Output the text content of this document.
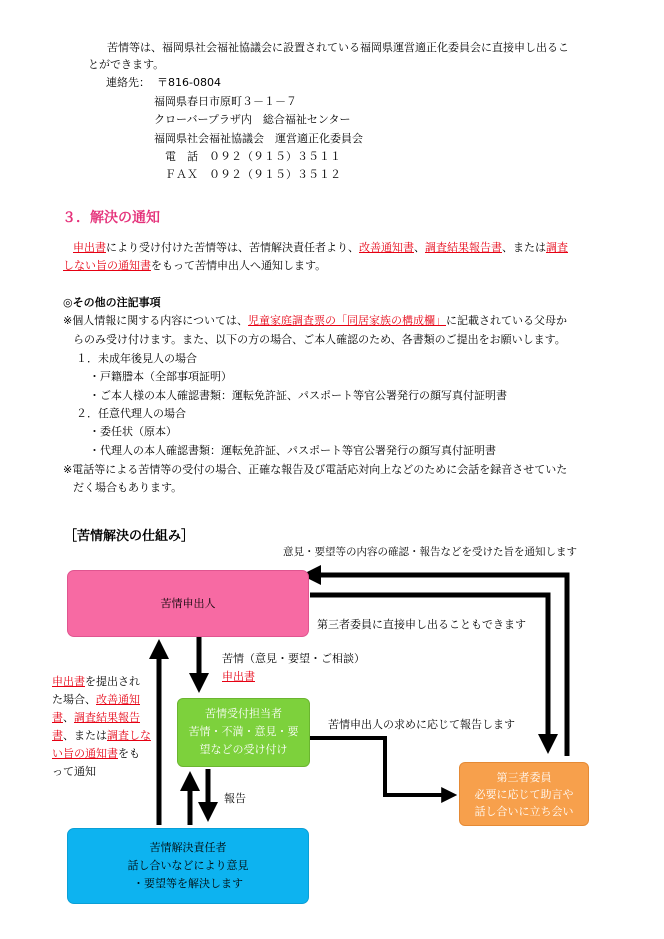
苦情等は、福岡県社会福祉協議会に設置されている福岡県運営適正化委員会に直接申し出るこ
とができます。
連絡先： 〒816-0804
福岡県春日市原町３－１－７
クローバープラザ内　総合福祉センター
福岡県社会福祉協議会　運営適正化委員会
電　話　０９２（９１５）３５１１
ＦＡＸ　０９２（９１５）３５１２
３．解決の通知
申出書により受け付けた苦情等は、苦情解決責任者より、改善通知書、調査結果報告書、または調査
しない旨の通知書をもって苦情申出人へ通知します。
◎その他の注記事項
※個人情報に関する内容については、児童家庭調査票の「同居家族の構成欄」に記載されている父母か
らのみ受け付けます。また、以下の方の場合、ご本人確認のため、各書類のご提出をお願いします。
１．未成年後見人の場合
・戸籍謄本（全部事項証明）
・ご本人様の本人確認書類：運転免許証、パスポート等官公署発行の顔写真付証明書
２．任意代理人の場合
・委任状（原本）
・代理人の本人確認書類：運転免許証、パスポート等官公署発行の顔写真付証明書
※電話等による苦情等の受付の場合、正確な報告及び電話応対向上などのために会話を録音させていた
だく場合もあります。
［苦情解決の仕組み］
意見・要望等の内容の確認・報告などを受けた旨を通知します
苦情申出人
第三者委員に直接申し出ることもできます
苦情（意見・要望・ご相談）
申出書
苦情受付担当者
苦情・不満・意見・要
望などの受け付け
苦情申出人の求めに応じて報告します
第三者委員
必要に応じて助言や
話し合いに立ち会い
報告
苦情解決責任者
話し合いなどにより意見
・要望等を解決します
申出書を提出され
た場合、改善通知
書、調査結果報告
書、または調査しな
い旨の通知書をも
って通知
